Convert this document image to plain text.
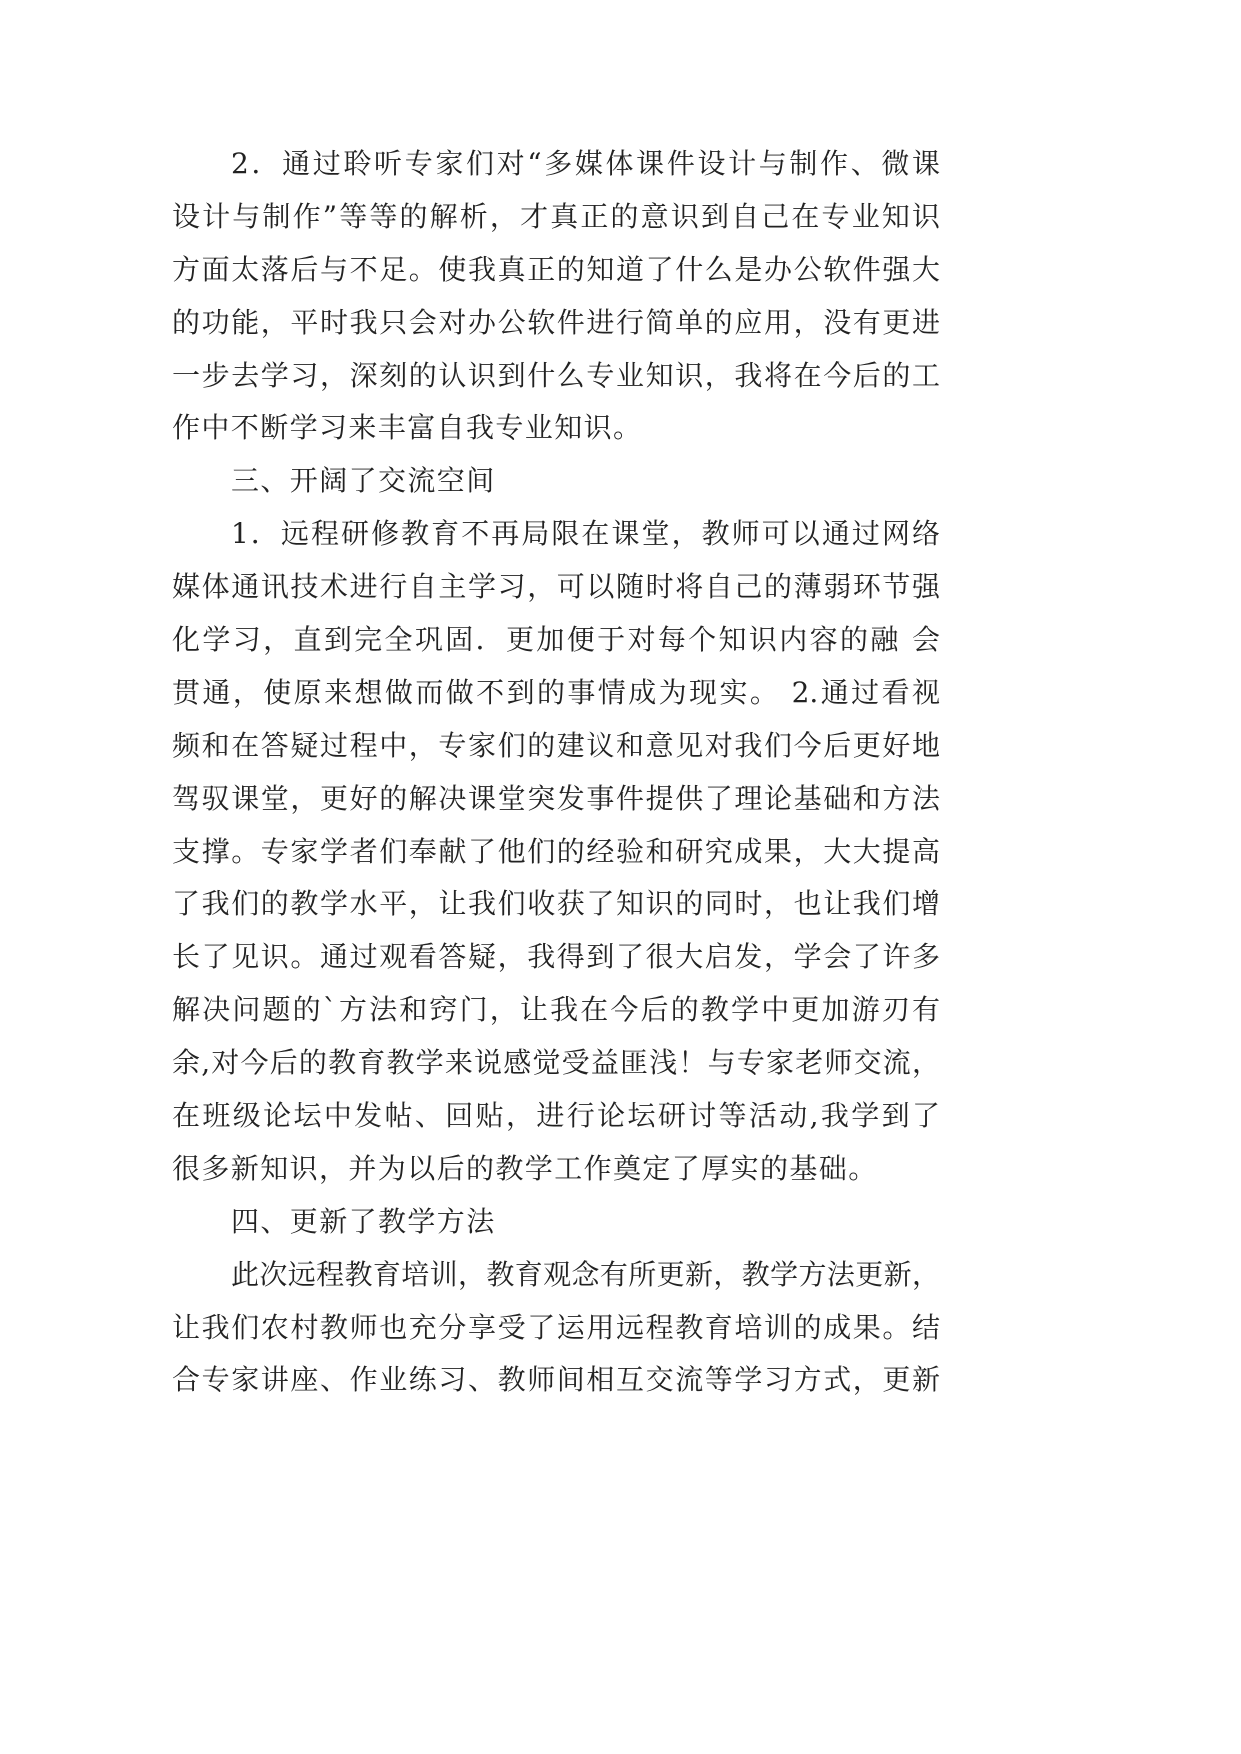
2．通过聆听专家们对“多媒体课件设计与制作、微课
设计与制作”等等的解析，才真正的意识到自己在专业知识
方面太落后与不足。使我真正的知道了什么是办公软件强大
的功能，平时我只会对办公软件进行简单的应用，没有更进
一步去学习，深刻的认识到什么专业知识，我将在今后的工
作中不断学习来丰富自我专业知识。
三、开阔了交流空间
1．远程研修教育不再局限在课堂，教师可以通过网络
媒体通讯技术进行自主学习，可以随时将自己的薄弱环节强
化学习，直到完全巩固．更加便于对每个知识内容的融 会
贯通，使原来想做而做不到的事情成为现实。 2.通过看视
频和在答疑过程中，专家们的建议和意见对我们今后更好地
驾驭课堂，更好的解决课堂突发事件提供了理论基础和方法
支撑。专家学者们奉献了他们的经验和研究成果，大大提高
了我们的教学水平，让我们收获了知识的同时，也让我们增
长了见识。通过观看答疑，我得到了很大启发，学会了许多
解决问题的`方法和窍门，让我在今后的教学中更加游刃有
余,对今后的教育教学来说感觉受益匪浅！与专家老师交流，
在班级论坛中发帖、回贴，进行论坛研讨等活动,我学到了
很多新知识，并为以后的教学工作奠定了厚实的基础。
四、更新了教学方法
此次远程教育培训，教育观念有所更新，教学方法更新，
让我们农村教师也充分享受了运用远程教育培训的成果。结
合专家讲座、作业练习、教师间相互交流等学习方式，更新
